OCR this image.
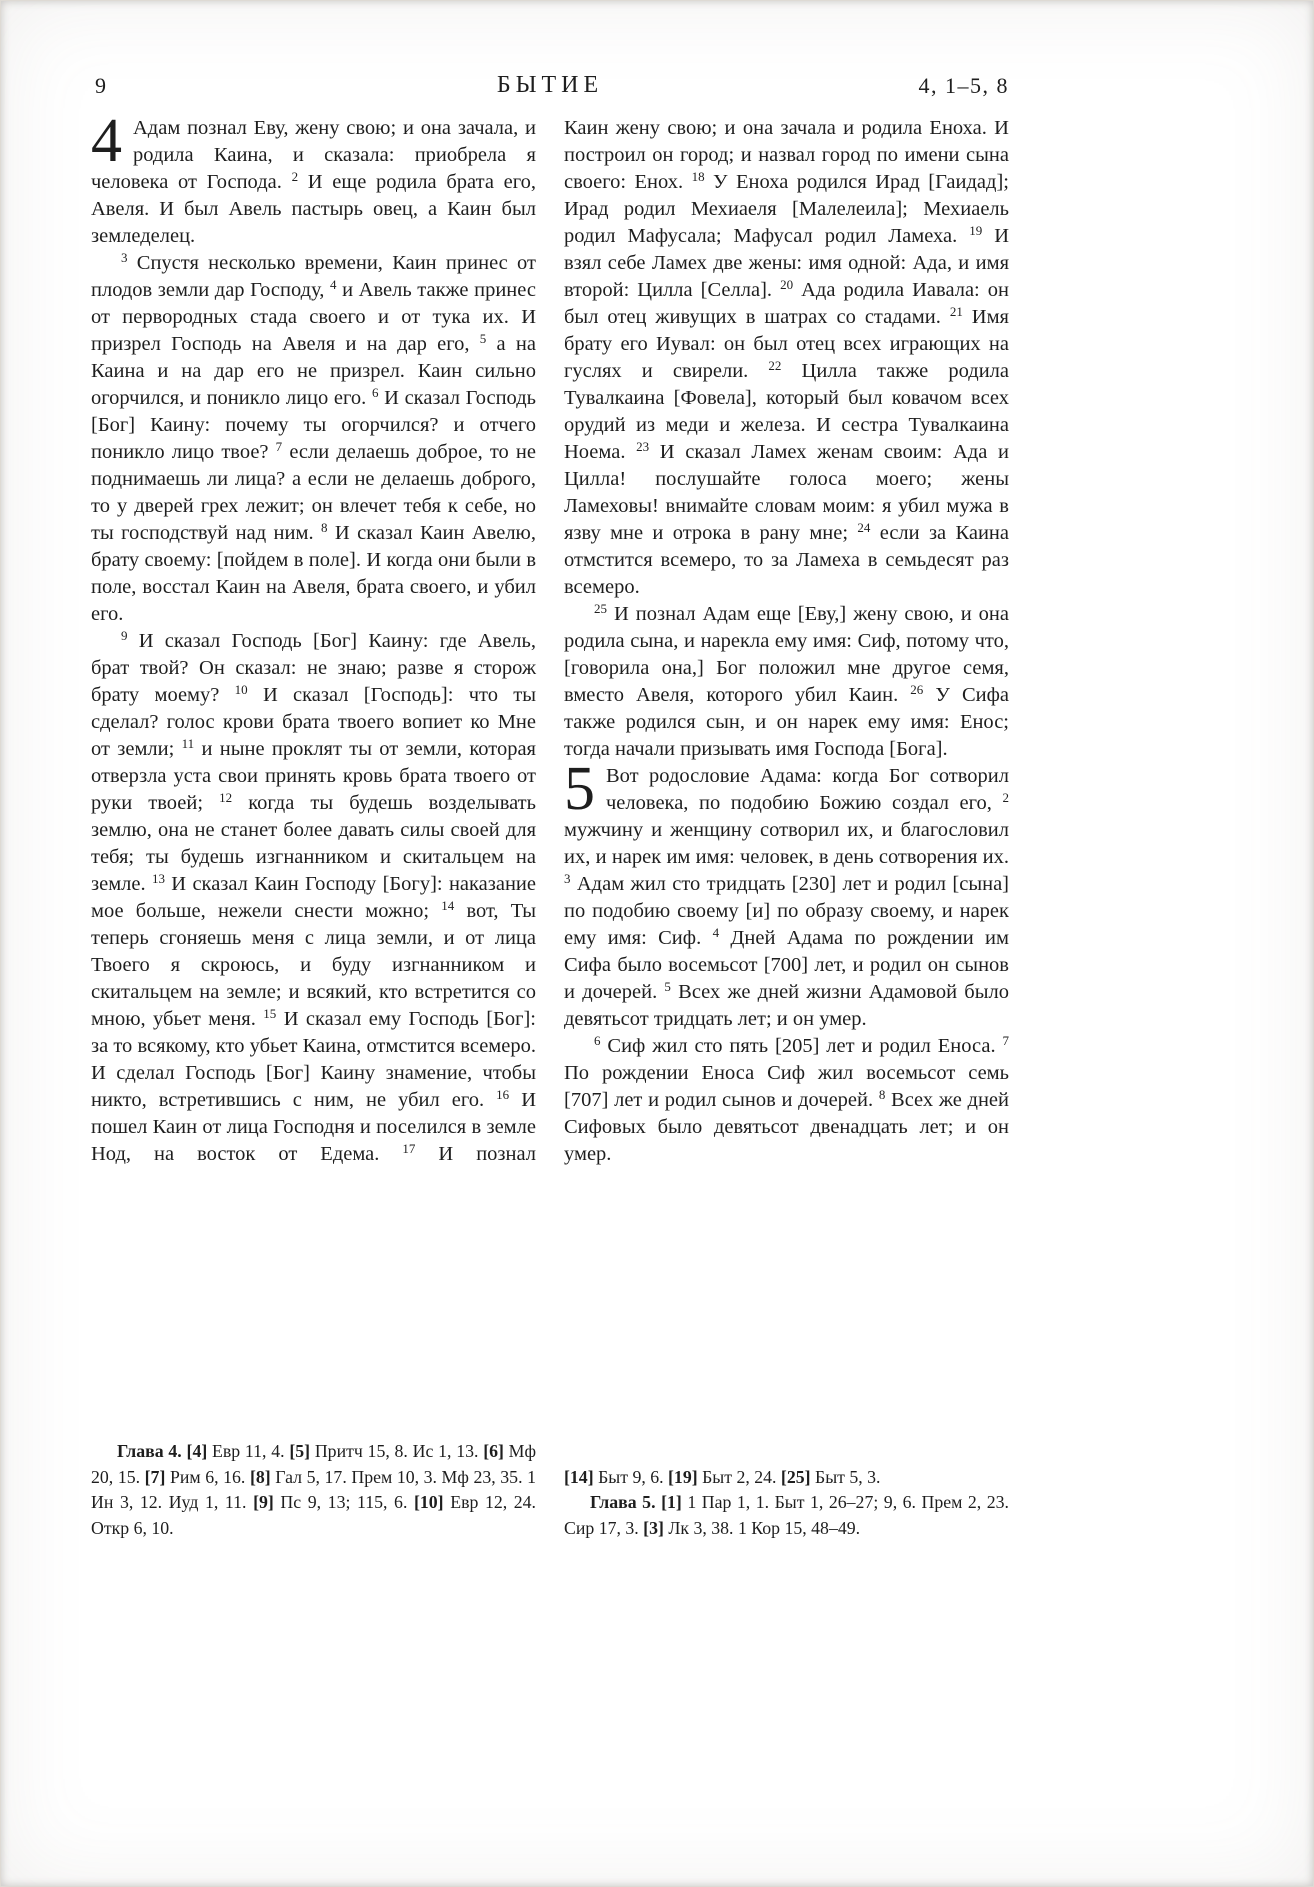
9	БЫТИЕ	4, 1–5, 8

4 Адам познал Еву, жену свою; и она зачала, и родила Каина, и сказала: приобрела я человека от Господа. $^2$ И еще родила брата его, Авеля. И был Авель пастырь овец, а Каин был земледелец.

$^3$ Спустя несколько времени, Каин принес от плодов земли дар Господу, $^4$ и Авель также принес от первородных стада своего и от тука их. И призрел Господь на Авеля и на дар его, $^5$ а на Каина и на дар его не призрел. Каин сильно огорчился, и поникло лицо его. $^6$ И сказал Господь [Бог] Каину: почему ты огорчился? и отчего поникло лицо твое? $^7$ если делаешь доброе, то не поднимаешь ли лица? а если не делаешь доброго, то у дверей грех лежит; он влечет тебя к себе, но ты господствуй над ним. $^8$ И сказал Каин Авелю, брату своему: [пойдем в поле]. И когда они были в поле, восстал Каин на Авеля, брата своего, и убил его.

$^9$ И сказал Господь [Бог] Каину: где Авель, брат твой? Он сказал: не знаю; разве я сторож брату моему? $^{10}$ И сказал [Господь]: что ты сделал? голос крови брата твоего вопиет ко Мне от земли; $^{11}$ и ныне проклят ты от земли, которая отверзла уста свои принять кровь брата твоего от руки твоей; $^{12}$ когда ты будешь возделывать землю, она не станет более давать силы своей для тебя; ты будешь изгнанником и скитальцем на земле. $^{13}$ И сказал Каин Господу [Богу]: наказание мое больше, нежели снести можно; $^{14}$ вот, Ты теперь сгоняешь меня с лица земли, и от лица Твоего я скроюсь, и буду изгнанником и скитальцем на земле; и всякий, кто встретится со мною, убьет меня. $^{15}$ И сказал ему Господь [Бог]: за то всякому, кто убьет Каина, отмстится всемеро. И сделал Господь [Бог] Каину знамение, чтобы никто, встретившись с ним, не убил его. $^{16}$ И пошел Каин от лица Господня и поселился в земле Нод, на восток от Едема. $^{17}$ И познал

Глава 4. [4] Евр 11, 4. [5] Притч 15, 8. Ис 1, 13. [6] Мф 20, 15. [7] Рим 6, 16. [8] Гал 5, 17. Прем 10, 3. Мф 23, 35. 1 Ин 3, 12. Иуд 1, 11. [9] Пс 9, 13; 115, 6. [10] Евр 12, 24. Откр 6, 10.

Каин жену свою; и она зачала и родила Еноха. И построил он город; и назвал город по имени сына своего: Енох. $^{18}$ У Еноха родился Ирад [Гаидад]; Ирад родил Мехиаеля [Малелеила]; Мехиаель родил Мафусала; Мафусал родил Ламеха. $^{19}$ И взял себе Ламех две жены: имя одной: Ада, и имя второй: Цилла [Селла]. $^{20}$ Ада родила Иавала: он был отец живущих в шатрах со стадами. $^{21}$ Имя брату его Иувал: он был отец всех играющих на гуслях и свирели. $^{22}$ Цилла также родила Тувалкаина [Фовела], который был ковачом всех орудий из меди и железа. И сестра Тувалкаина Ноема. $^{23}$ И сказал Ламех женам своим: Ада и Цилла! послушайте голоса моего; жены Ламеховы! внимайте словам моим: я убил мужа в язву мне и отрока в рану мне; $^{24}$ если за Каина отмстится всемеро, то за Ламеха в семьдесят раз всемеро.

$^{25}$ И познал Адам еще [Еву,] жену свою, и она родила сына, и нарекла ему имя: Сиф, потому что, [говорила она,] Бог положил мне другое семя, вместо Авеля, которого убил Каин. $^{26}$ У Сифа также родился сын, и он нарек ему имя: Енос; тогда начали призывать имя Господа [Бога].

5 Вот родословие Адама: когда Бог сотворил человека, по подобию Божию создал его, $^2$ мужчину и женщину сотворил их, и благословил их, и нарек им имя: человек, в день сотворения их. $^3$ Адам жил сто тридцать [230] лет и родил [сына] по подобию своему [и] по образу своему, и нарек ему имя: Сиф. $^4$ Дней Адама по рождении им Сифа было восемьсот [700] лет, и родил он сынов и дочерей. $^5$ Всех же дней жизни Адамовой было девятьсот тридцать лет; и он умер.

$^6$ Сиф жил сто пять [205] лет и родил Еноса. $^7$ По рождении Еноса Сиф жил восемьсот семь [707] лет и родил сынов и дочерей. $^8$ Всех же дней Сифовых было девятьсот двенадцать лет; и он умер.

[14] Быт 9, 6. [19] Быт 2, 24. [25] Быт 5, 3.

Глава 5. [1] 1 Пар 1, 1. Быт 1, 26–27; 9, 6. Прем 2, 23. Сир 17, 3. [3] Лк 3, 38. 1 Кор 15, 48–49.
